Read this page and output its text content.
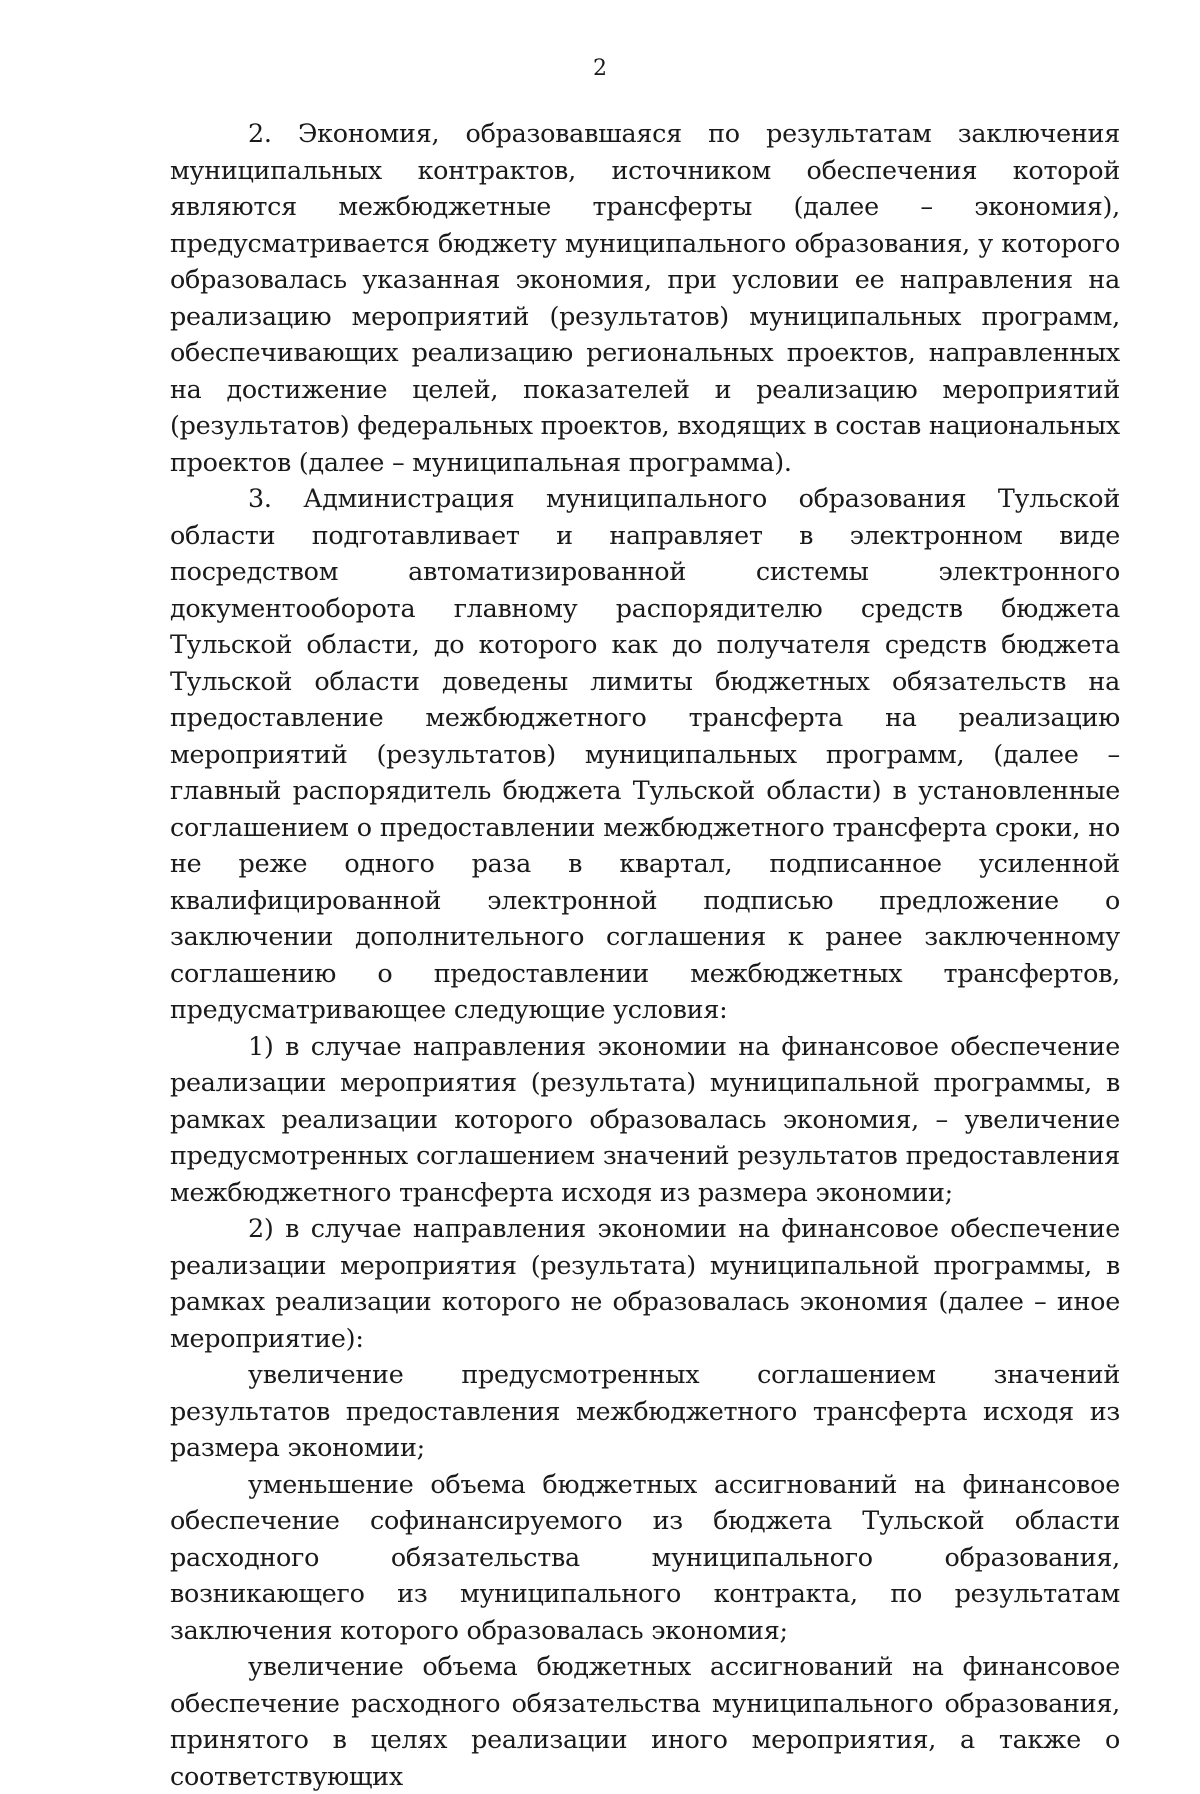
2

2. Экономия, образовавшаяся по результатам заключения муниципальных контрактов, источником обеспечения которой являются межбюджетные трансферты (далее – экономия), предусматривается бюджету муниципального образования, у которого образовалась указанная экономия, при условии ее направления на реализацию мероприятий (результатов) муниципальных программ, обеспечивающих реализацию региональных проектов, направленных на достижение целей, показателей и реализацию мероприятий (результатов) федеральных проектов, входящих в состав национальных проектов (далее – муниципальная программа).

3. Администрация муниципального образования Тульской области подготавливает и направляет в электронном виде посредством автоматизированной системы электронного документооборота главному распорядителю средств бюджета Тульской области, до которого как до получателя средств бюджета Тульской области доведены лимиты бюджетных обязательств на предоставление межбюджетного трансферта на реализацию мероприятий (результатов) муниципальных программ, (далее – главный распорядитель бюджета Тульской области) в установленные соглашением о предоставлении межбюджетного трансферта сроки, но не реже одного раза в квартал, подписанное усиленной квалифицированной электронной подписью предложение о заключении дополнительного соглашения к ранее заключенному соглашению о предоставлении межбюджетных трансфертов, предусматривающее следующие условия:

1) в случае направления экономии на финансовое обеспечение реализации мероприятия (результата) муниципальной программы, в рамках реализации которого образовалась экономия, – увеличение предусмотренных соглашением значений результатов предоставления межбюджетного трансферта исходя из размера экономии;

2) в случае направления экономии на финансовое обеспечение реализации мероприятия (результата) муниципальной программы, в рамках реализации которого не образовалась экономия (далее – иное мероприятие):

увеличение предусмотренных соглашением значений результатов предоставления межбюджетного трансферта исходя из размера экономии;

уменьшение объема бюджетных ассигнований на финансовое обеспечение софинансируемого из бюджета Тульской области расходного обязательства муниципального образования, возникающего из муниципального контракта, по результатам заключения которого образовалась экономия;

увеличение объема бюджетных ассигнований на финансовое обеспечение расходного обязательства муниципального образования, принятого в целях реализации иного мероприятия, а также о соответствующих
